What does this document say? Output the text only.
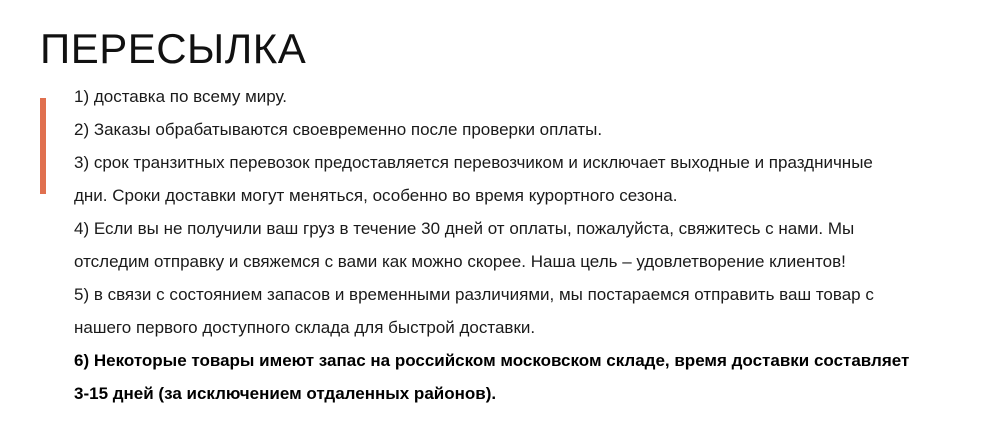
ПЕРЕСЫЛКА
1) доставка по всему миру.
2) Заказы обрабатываются своевременно после проверки оплаты.
3) срок транзитных перевозок предоставляется перевозчиком и исключает выходные и праздничные
дни. Сроки доставки могут меняться, особенно во время курортного сезона.
4) Если вы не получили ваш груз в течение 30 дней от оплаты, пожалуйста, свяжитесь с нами. Мы
отследим отправку и свяжемся с вами как можно скорее. Наша цель – удовлетворение клиентов!
5) в связи с состоянием запасов и временными различиями, мы постараемся отправить ваш товар с
нашего первого доступного склада для быстрой доставки.
6) Некоторые товары имеют запас на российском московском складе, время доставки составляет
3-15 дней (за исключением отдаленных районов).
